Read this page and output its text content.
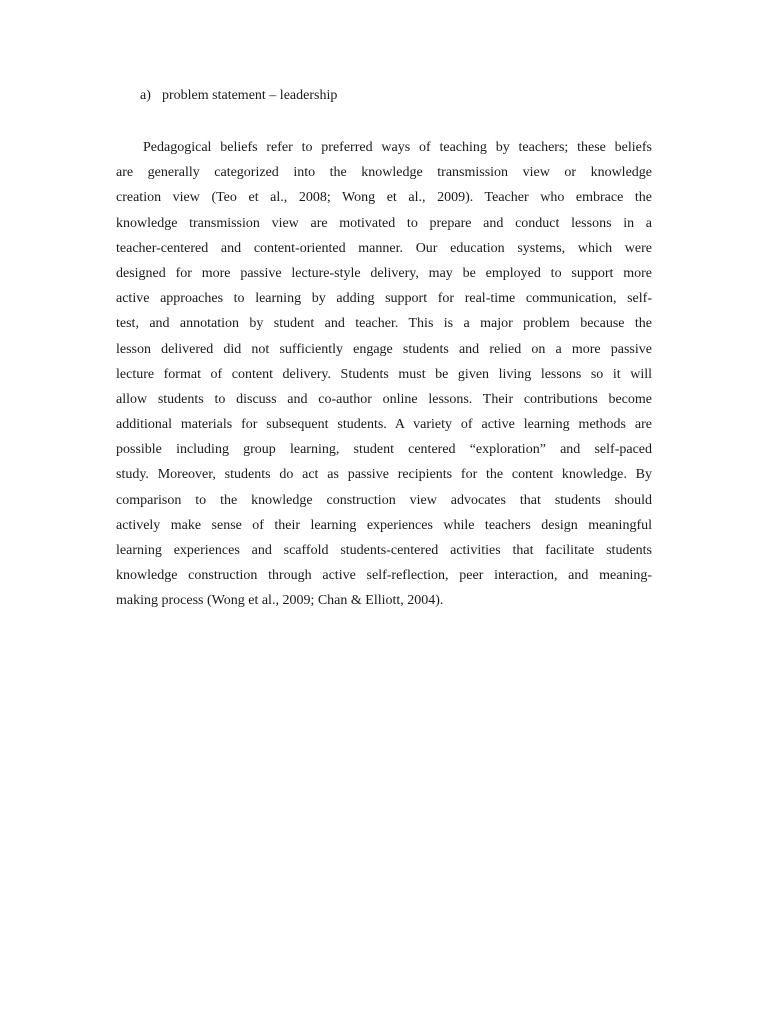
a) problem statement – leadership
Pedagogical beliefs refer to preferred ways of teaching by teachers; these beliefs
are generally categorized into the knowledge transmission view or knowledge
creation view (Teo et al., 2008; Wong et al., 2009). Teacher who embrace the
knowledge transmission view are motivated to prepare and conduct lessons in a
teacher-centered and content-oriented manner. Our education systems, which were
designed for more passive lecture-style delivery, may be employed to support more
active approaches to learning by adding support for real-time communication, self-
test, and annotation by student and teacher. This is a major problem because the
lesson delivered did not sufficiently engage students and relied on a more passive
lecture format of content delivery. Students must be given living lessons so it will
allow students to discuss and co-author online lessons. Their contributions become
additional materials for subsequent students. A variety of active learning methods are
possible including group learning, student centered “exploration” and self-paced
study. Moreover, students do act as passive recipients for the content knowledge. By
comparison to the knowledge construction view advocates that students should
actively make sense of their learning experiences while teachers design meaningful
learning experiences and scaffold students-centered activities that facilitate students
knowledge construction through active self-reflection, peer interaction, and meaning-
making process (Wong et al., 2009; Chan & Elliott, 2004).
